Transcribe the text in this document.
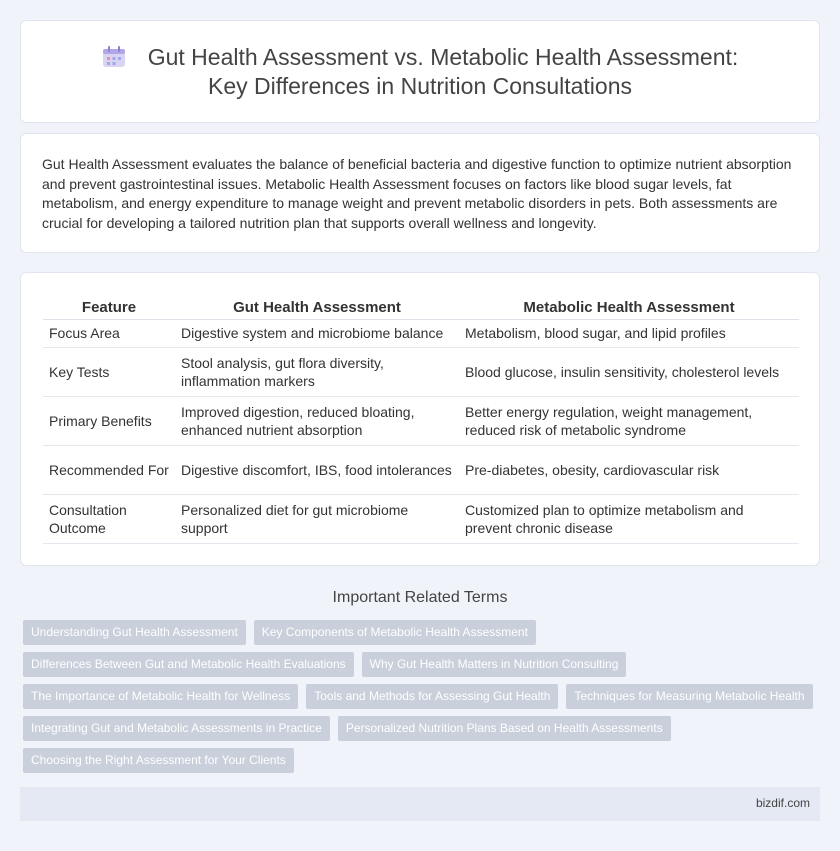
Gut Health Assessment vs. Metabolic Health Assessment: Key Differences in Nutrition Consultations

Gut Health Assessment evaluates the balance of beneficial bacteria and digestive function to optimize nutrient absorption and prevent gastrointestinal issues. Metabolic Health Assessment focuses on factors like blood sugar levels, fat metabolism, and energy expenditure to manage weight and prevent metabolic disorders in pets. Both assessments are crucial for developing a tailored nutrition plan that supports overall wellness and longevity.

Feature	Gut Health Assessment	Metabolic Health Assessment
Focus Area	Digestive system and microbiome balance	Metabolism, blood sugar, and lipid profiles
Key Tests	Stool analysis, gut flora diversity, inflammation markers	Blood glucose, insulin sensitivity, cholesterol levels
Primary Benefits	Improved digestion, reduced bloating, enhanced nutrient absorption	Better energy regulation, weight management, reduced risk of metabolic syndrome
Recommended For	Digestive discomfort, IBS, food intolerances	Pre-diabetes, obesity, cardiovascular risk
Consultation Outcome	Personalized diet for gut microbiome support	Customized plan to optimize metabolism and prevent chronic disease
Important Related Terms
Understanding Gut Health Assessment	Key Components of Metabolic Health Assessment
Differences Between Gut and Metabolic Health Evaluations	Why Gut Health Matters in Nutrition Consulting
The Importance of Metabolic Health for Wellness	Tools and Methods for Assessing Gut Health	Techniques for Measuring Metabolic Health
Integrating Gut and Metabolic Assessments in Practice	Personalized Nutrition Plans Based on Health Assessments
Choosing the Right Assessment for Your Clients
bizdif.com
